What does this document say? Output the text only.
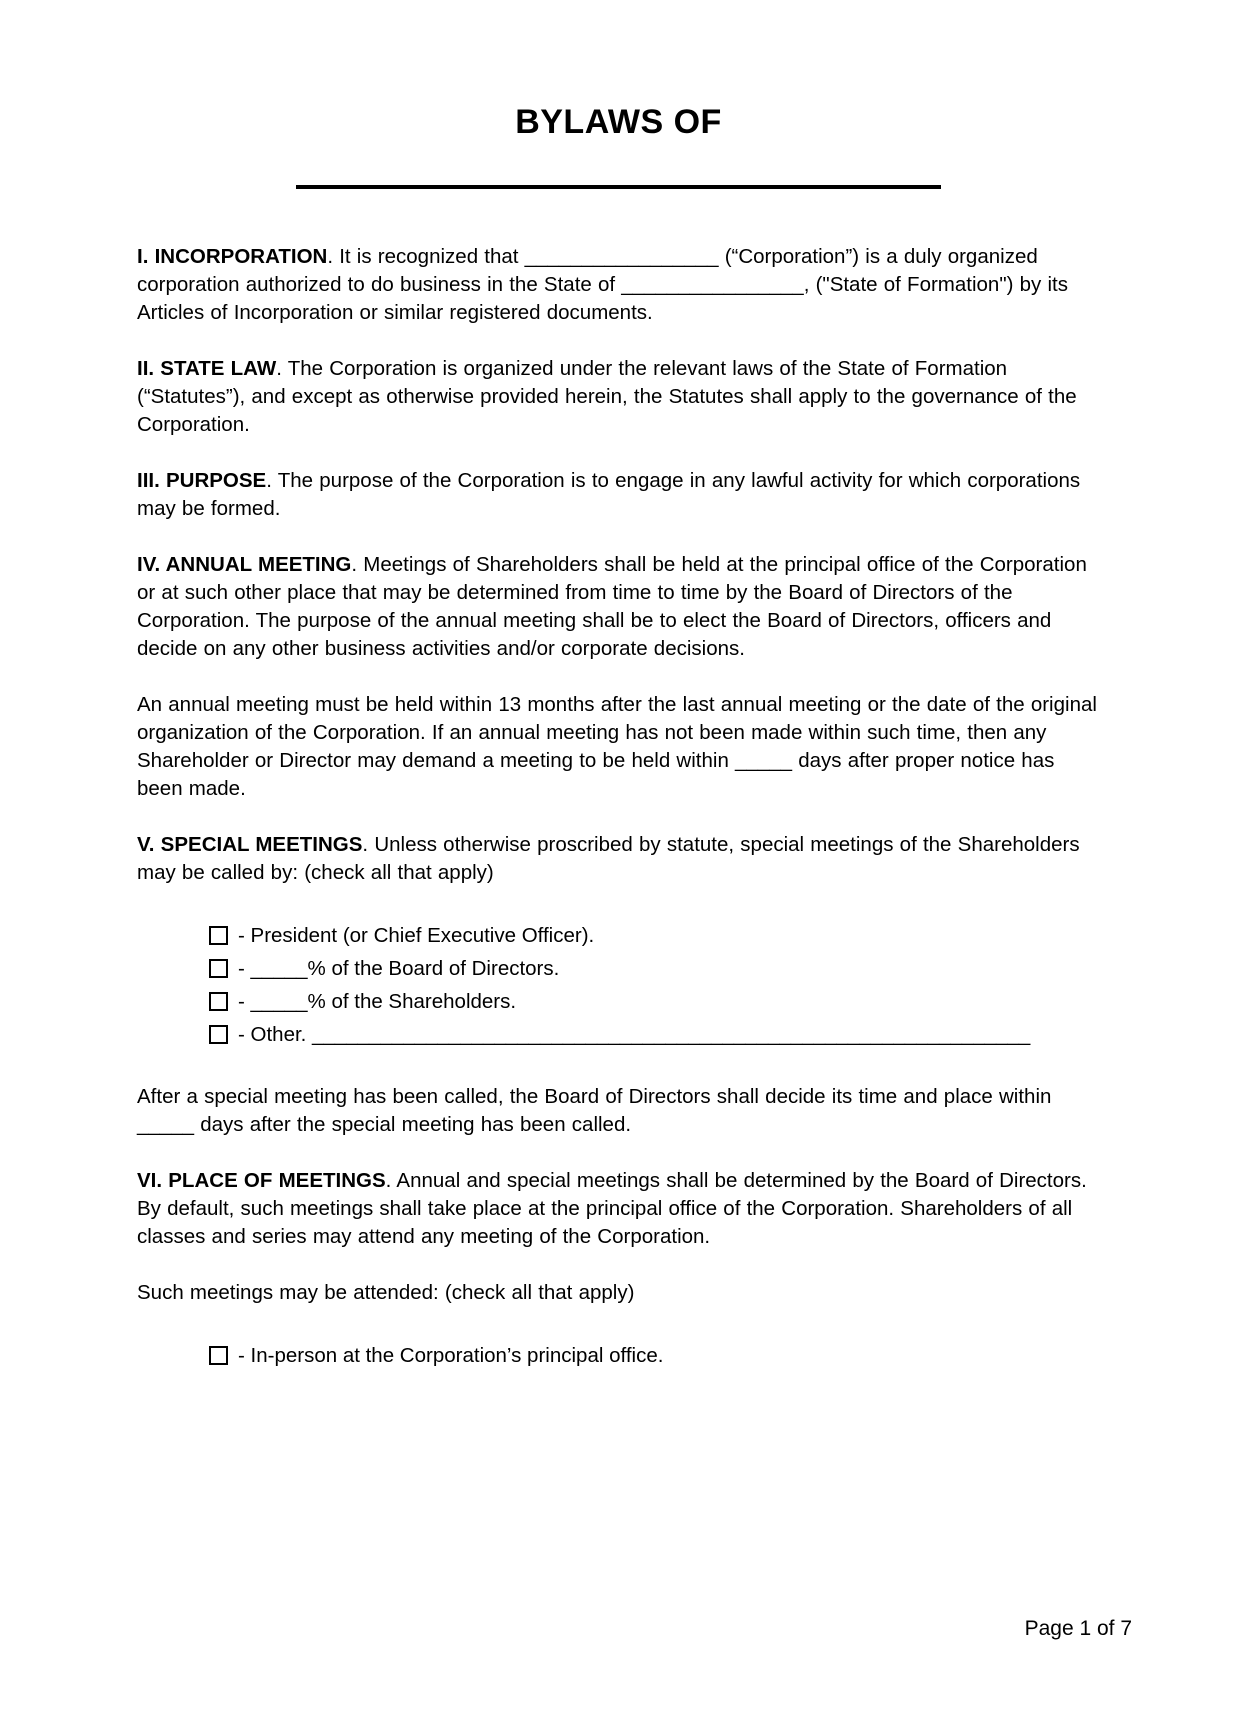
BYLAWS OF

I. INCORPORATION. It is recognized that _________________ (“Corporation”) is a duly organized corporation authorized to do business in the State of ________________, ("State of Formation") by its Articles of Incorporation or similar registered documents.

II. STATE LAW. The Corporation is organized under the relevant laws of the State of Formation (“Statutes”), and except as otherwise provided herein, the Statutes shall apply to the governance of the Corporation.

III. PURPOSE. The purpose of the Corporation is to engage in any lawful activity for which corporations may be formed.

IV. ANNUAL MEETING. Meetings of Shareholders shall be held at the principal office of the Corporation or at such other place that may be determined from time to time by the Board of Directors of the Corporation. The purpose of the annual meeting shall be to elect the Board of Directors, officers and decide on any other business activities and/or corporate decisions.

An annual meeting must be held within 13 months after the last annual meeting or the date of the original organization of the Corporation. If an annual meeting has not been made within such time, then any Shareholder or Director may demand a meeting to be held within _____ days after proper notice has been made.

V. SPECIAL MEETINGS. Unless otherwise proscribed by statute, special meetings of the Shareholders may be called by: (check all that apply)

- President (or Chief Executive Officer).
- _____% of the Board of Directors.
- _____% of the Shareholders.
- Other. _______________________________________________________________

After a special meeting has been called, the Board of Directors shall decide its time and place within _____ days after the special meeting has been called.

VI. PLACE OF MEETINGS. Annual and special meetings shall be determined by the Board of Directors. By default, such meetings shall take place at the principal office of the Corporation. Shareholders of all classes and series may attend any meeting of the Corporation.

Such meetings may be attended: (check all that apply)

- In-person at the Corporation’s principal office.
Page 1 of 7
